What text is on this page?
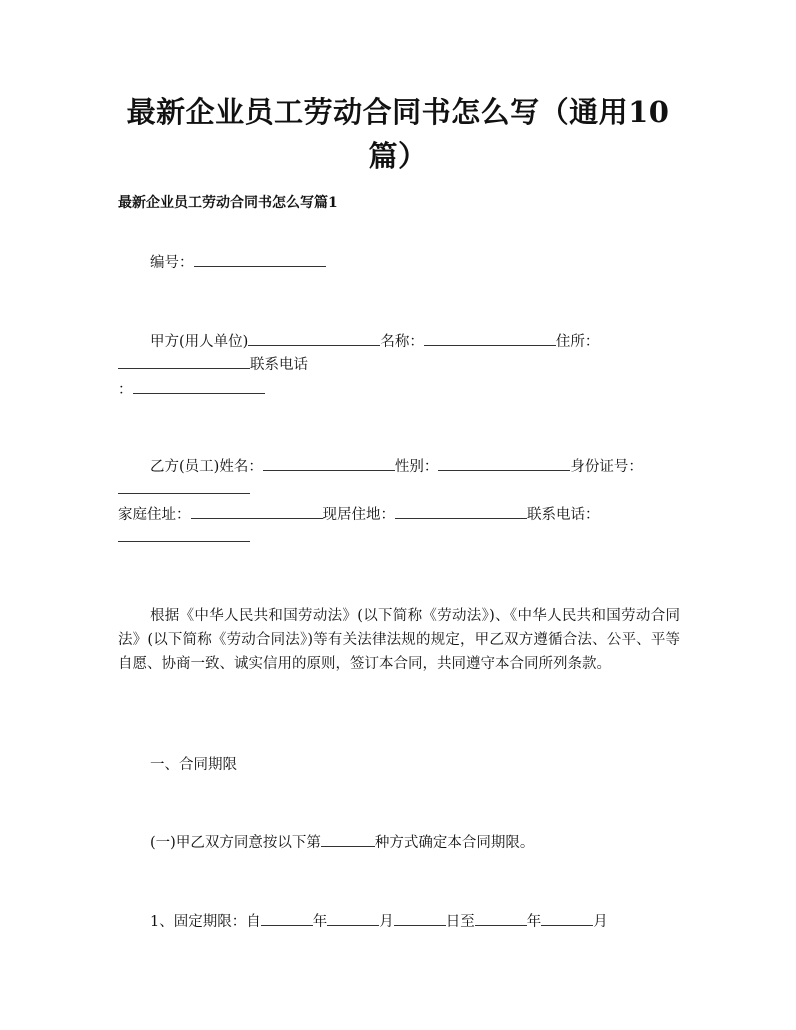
最新企业员工劳动合同书怎么写（通用10
篇）
最新企业员工劳动合同书怎么写篇1
编号：
甲方(用人单位)	名称：	住所：
联系电话
：
乙方(员工)姓名：	性别：	身份证号：
家庭住址：	现居住地：	联系电话：
根据《中华人民共和国劳动法》(以下简称《劳动法》)、《中华人民共和国劳动合同法》(以下简称《劳动合同法》)等有关法律法规的规定，甲乙双方遵循合法、公平、平等自愿、协商一致、诚实信用的原则，签订本合同，共同遵守本合同所列条款。
一、合同期限
(一)甲乙双方同意按以下第	种方式确定本合同期限。
1、固定期限：自	年	月	日至	年	月
